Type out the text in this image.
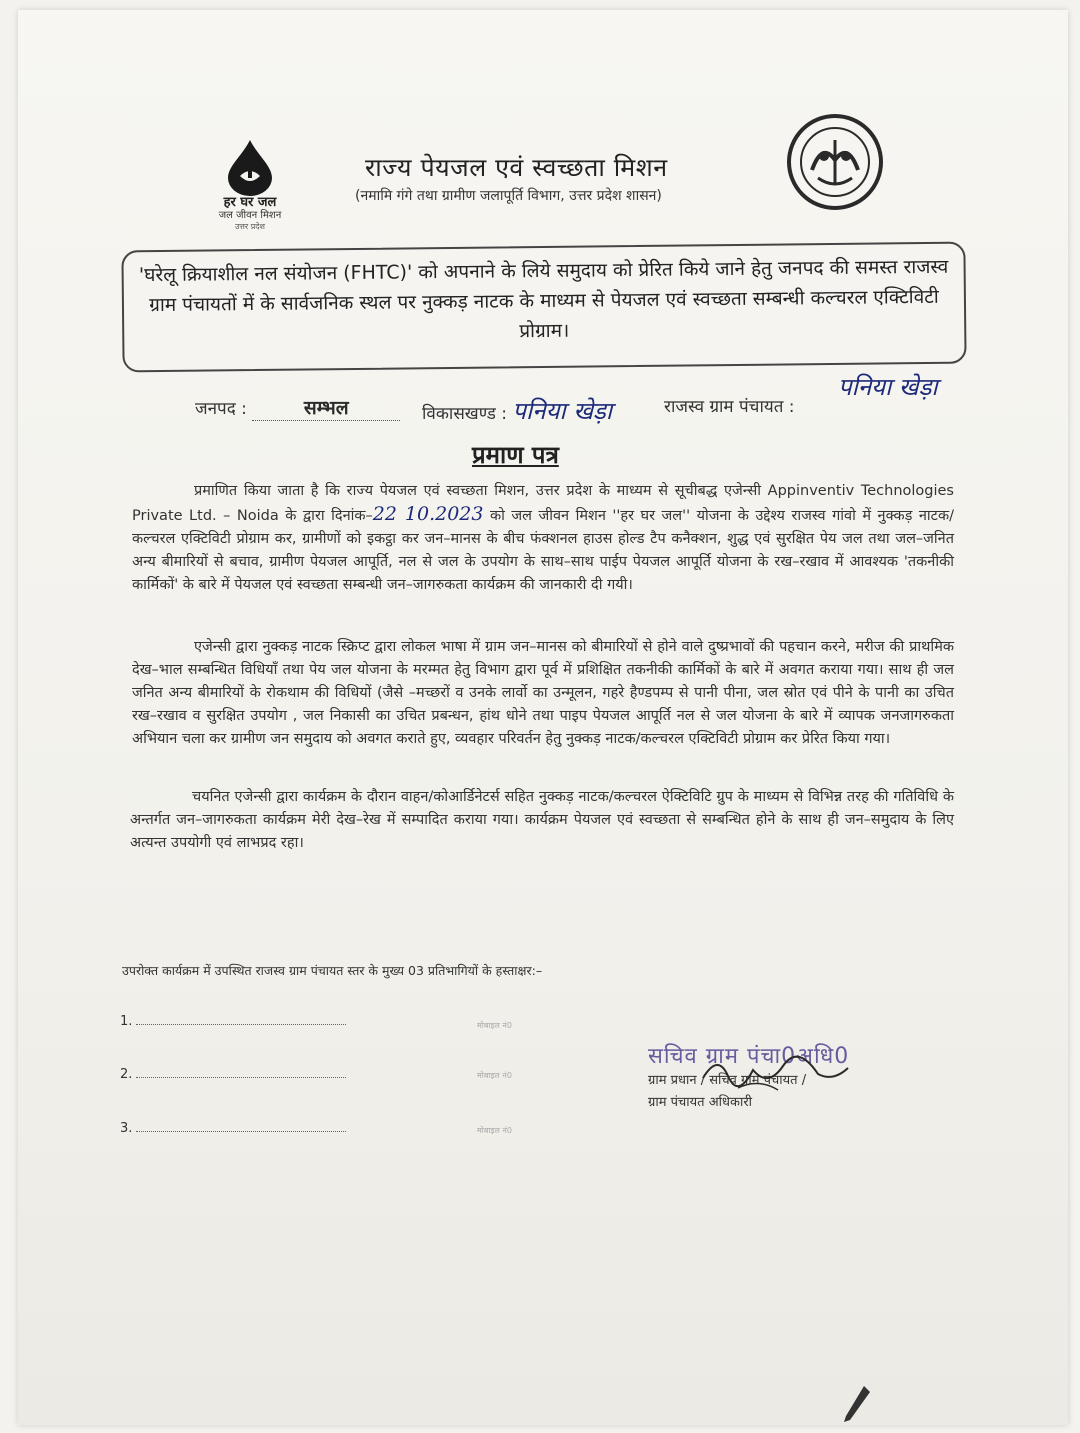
हर घर जल
जल जीवन मिशन
उत्तर प्रदेश
राज्य पेयजल एवं स्वच्छता मिशन
(नमामि गंगे तथा ग्रामीण जलापूर्ति विभाग, उत्तर प्रदेश शासन)

'घरेलू क्रियाशील नल संयोजन (FHTC)' को अपनाने के लिये समुदाय को प्रेरित किये जाने हेतु जनपद की समस्त राजस्व ग्राम पंचायतों में के सार्वजनिक स्थल पर नुक्कड़ नाटक के माध्यम से पेयजल एवं स्वच्छता सम्बन्धी कल्चरल एक्टिविटी प्रोग्राम।

जनपद :	सम्भल	विकासखण्ड : पनिया खेड़ा	राजस्व ग्राम पंचायत :
पनिया खेड़ा
प्रमाण पत्र
प्रमाणित किया जाता है कि राज्य पेयजल एवं स्वच्छता मिशन, उत्तर प्रदेश के माध्यम से सूचीबद्ध एजेन्सी Appinventiv Technologies Private Ltd. – Noida के द्वारा दिनांक–22 10.2023 को जल जीवन मिशन ''हर घर जल'' योजना के उद्देश्य राजस्व गांवो में नुक्कड़ नाटक/कल्चरल एक्टिविटी प्रोग्राम कर, ग्रामीणों को इकट्ठा कर जन–मानस के बीच फंक्शनल हाउस होल्ड टैप कनैक्शन, शुद्ध एवं सुरक्षित पेय जल तथा जल–जनित अन्य बीमारियों से बचाव, ग्रामीण पेयजल आपूर्ति, नल से जल के उपयोग के साथ–साथ पाईप पेयजल आपूर्ति योजना के रख–रखाव में आवश्यक 'तकनीकी कार्मिकों' के बारे में पेयजल एवं स्वच्छता सम्बन्धी जन–जागरुकता कार्यक्रम की जानकारी दी गयी।
एजेन्सी द्वारा नुक्कड़ नाटक स्क्रिप्ट द्वारा लोकल भाषा में ग्राम जन–मानस को बीमारियों से होने वाले दुष्प्रभावों की पहचान करने, मरीज की प्राथमिक देख–भाल सम्बन्धित विधियाँ तथा पेय जल योजना के मरम्मत हेतु विभाग द्वारा पूर्व में प्रशिक्षित तकनीकी कार्मिकों के बारे में अवगत कराया गया। साथ ही जल जनित अन्य बीमारियों के रोकथाम की विधियों (जैसे –मच्छरों व उनके लार्वो का उन्मूलन, गहरे हैण्डपम्प से पानी पीना, जल स्रोत एवं पीने के पानी का उचित रख–रखाव व सुरक्षित उपयोग , जल निकासी का उचित प्रबन्धन, हांथ धोने तथा पाइप पेयजल आपूर्ति नल से जल योजना के बारे में व्यापक जनजागरुकता अभियान चला कर ग्रामीण जन समुदाय को अवगत कराते हुए, व्यवहार परिवर्तन हेतु नुक्कड़ नाटक/कल्चरल एक्टिविटी प्रोग्राम कर प्रेरित किया गया।
चयनित एजेन्सी द्वारा कार्यक्रम के दौरान वाहन/कोआर्डिनेटर्स सहित नुक्कड़ नाटक/कल्चरल ऐक्टिविटि ग्रुप के माध्यम से विभिन्न तरह की गतिविधि के अन्तर्गत जन–जागरुकता कार्यक्रम मेरी देख–रेख में सम्पादित कराया गया। कार्यक्रम पेयजल एवं स्वच्छता से सम्बन्धित होने के साथ ही जन–समुदाय के लिए अत्यन्त उपयोगी एवं लाभप्रद रहा।
उपरोक्त कार्यक्रम में उपस्थित राजस्व ग्राम पंचायत स्तर के मुख्य 03 प्रतिभागियों के हस्ताक्षर:–
1.	मोबाइल नं0
2.	मोबाइल नं0
3.	मोबाइल नं0
सचिव ग्राम पंचा0अधि0
ग्राम प्रधान / सचिव ग्राम पंचायत /
ग्राम पंचायत अधिकारी
